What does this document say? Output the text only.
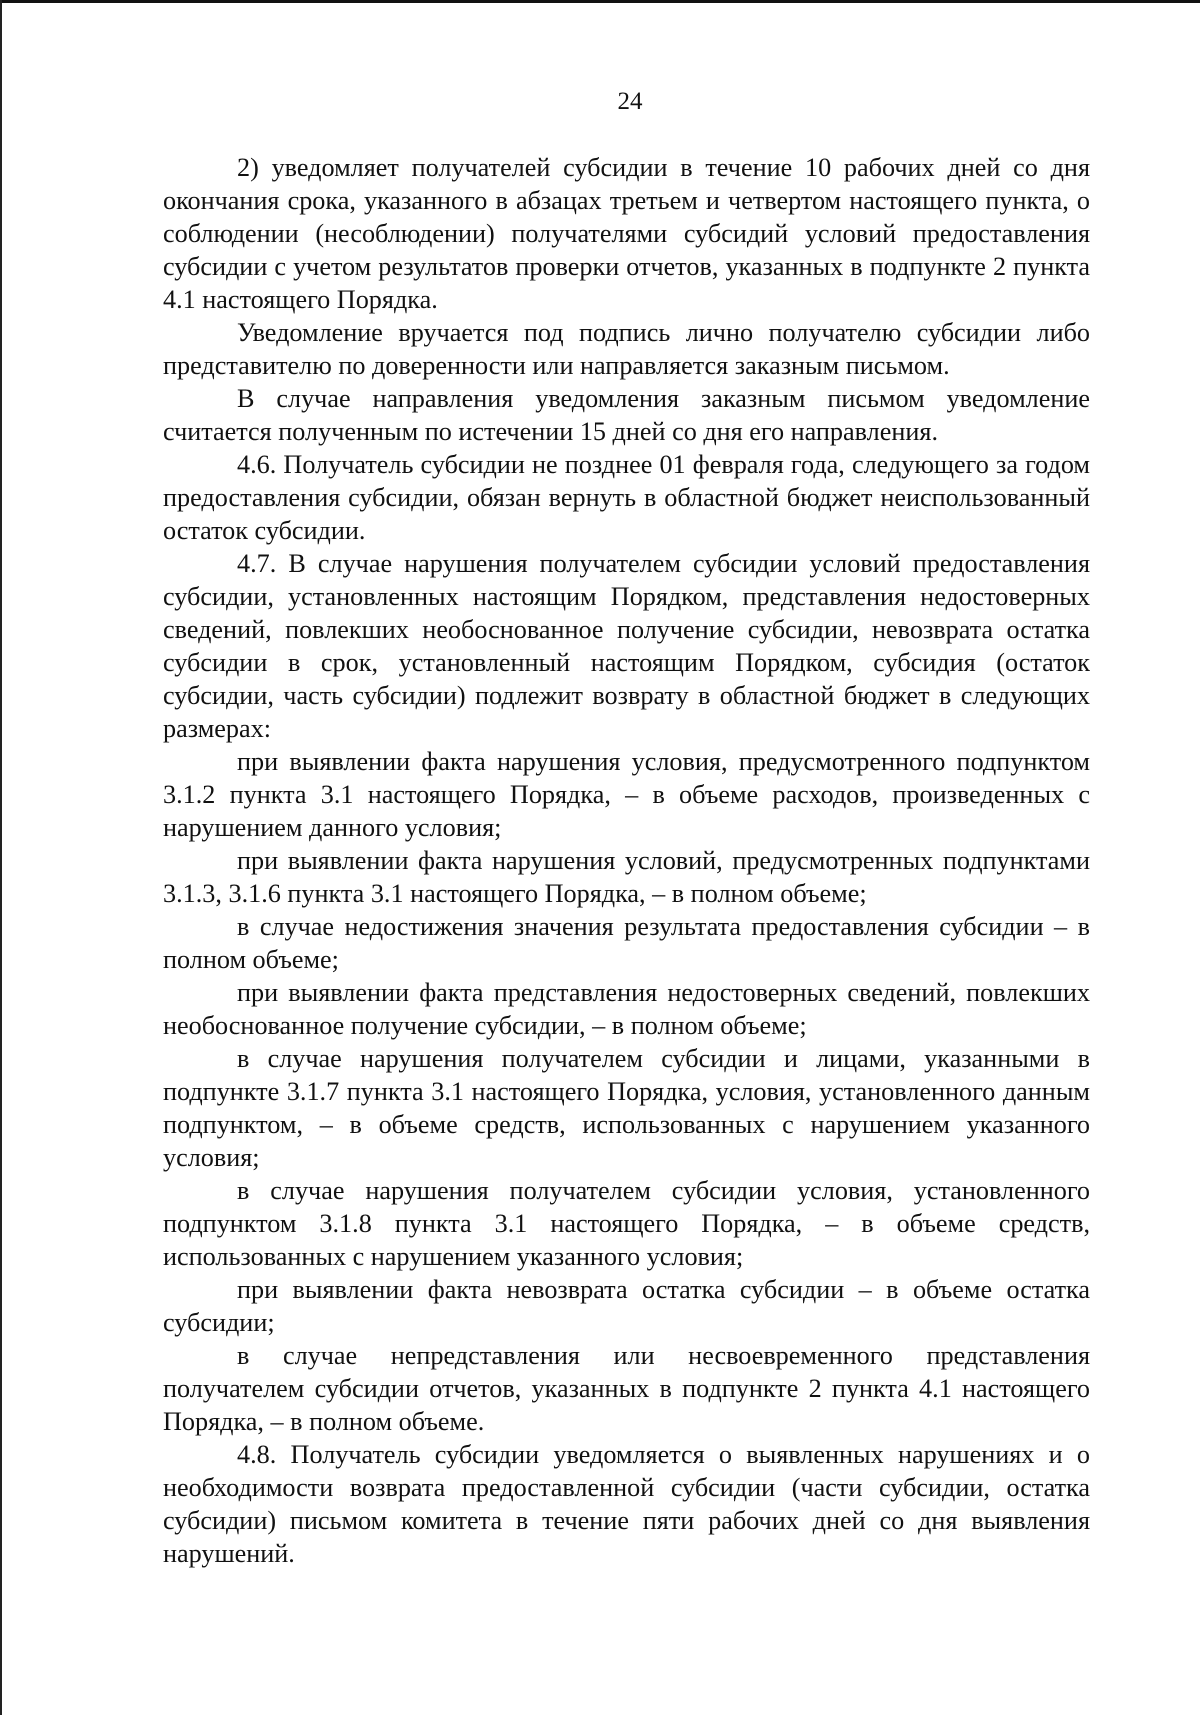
24

2) уведомляет получателей субсидии в течение 10 рабочих дней со дня окончания срока, указанного в абзацах третьем и четвертом настоящего пункта, о соблюдении (несоблюдении) получателями субсидий условий предоставления субсидии с учетом результатов проверки отчетов, указанных в подпункте 2 пункта 4.1 настоящего Порядка.

Уведомление вручается под подпись лично получателю субсидии либо представителю по доверенности или направляется заказным письмом.

В случае направления уведомления заказным письмом уведомление считается полученным по истечении 15 дней со дня его направления.

4.6. Получатель субсидии не позднее 01 февраля года, следующего за годом предоставления субсидии, обязан вернуть в областной бюджет неиспользованный остаток субсидии.

4.7. В случае нарушения получателем субсидии условий предоставления субсидии, установленных настоящим Порядком, представления недостоверных сведений, повлекших необоснованное получение субсидии, невозврата остатка субсидии в срок, установленный настоящим Порядком, субсидия (остаток субсидии, часть субсидии) подлежит возврату в областной бюджет в следующих размерах:

при выявлении факта нарушения условия, предусмотренного подпунктом 3.1.2 пункта 3.1 настоящего Порядка, – в объеме расходов, произведенных с нарушением данного условия;

при выявлении факта нарушения условий, предусмотренных подпунктами 3.1.3, 3.1.6 пункта 3.1 настоящего Порядка, – в полном объеме;

в случае недостижения значения результата предоставления субсидии – в полном объеме;

при выявлении факта представления недостоверных сведений, повлекших необоснованное получение субсидии, – в полном объеме;

в случае нарушения получателем субсидии и лицами, указанными в подпункте 3.1.7 пункта 3.1 настоящего Порядка, условия, установленного данным подпунктом, – в объеме средств, использованных с нарушением указанного условия;

в случае нарушения получателем субсидии условия, установленного подпунктом 3.1.8 пункта 3.1 настоящего Порядка, – в объеме средств, использованных с нарушением указанного условия;

при выявлении факта невозврата остатка субсидии – в объеме остатка субсидии;

в случае непредставления или несвоевременного представления получателем субсидии отчетов, указанных в подпункте 2 пункта 4.1 настоящего Порядка, – в полном объеме.

4.8. Получатель субсидии уведомляется о выявленных нарушениях и о необходимости возврата предоставленной субсидии (части субсидии, остатка субсидии) письмом комитета в течение пяти рабочих дней со дня выявления нарушений.
